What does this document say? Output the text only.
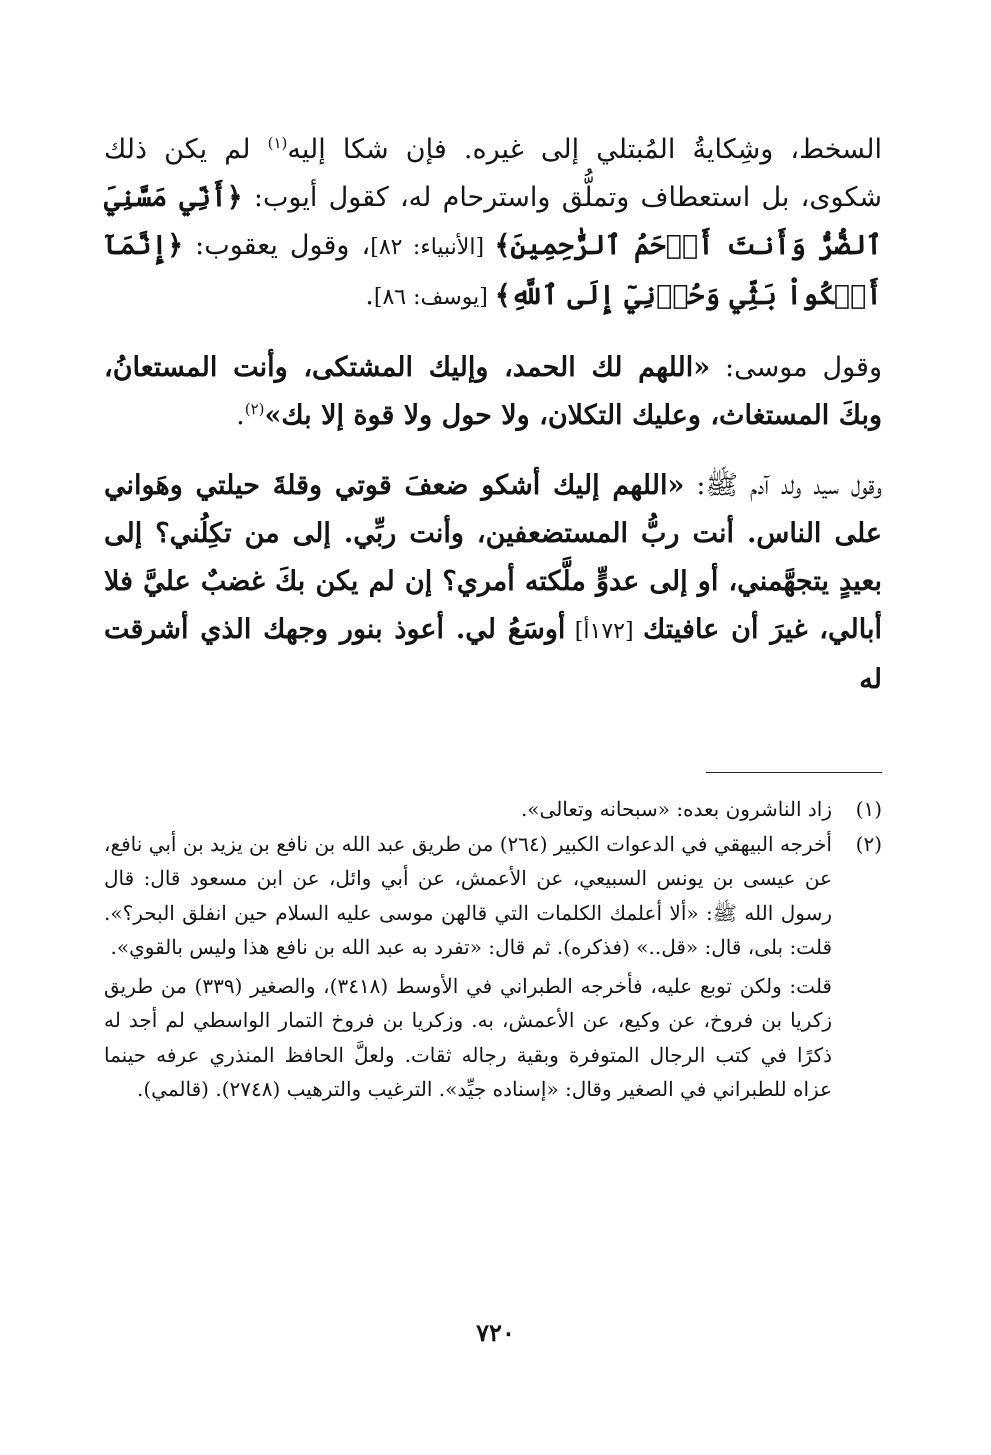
السخط، وشِكايةُ المُبتلي إلى غيره. فإن شكا إليه$^{(١)}$ لم يكن ذلك شكوى، بل استعطاف وتملُّق واسترحام له، كقول أيوب: ﴿أَنِّي مَسَّنِيَ ٱلضُّرُّ وَأَنتَ أَرۡحَمُ ٱلرَّٰحِمِينَ﴾ [الأنبياء: ٨٢]، وقول يعقوب: ﴿إِنَّمَآ أَشۡكُواْ بَثِّي وَحُزۡنِيٓ إِلَى ٱللَّهِ﴾ [يوسف: ٨٦].

وقول موسى: «اللهم لك الحمد، وإليك المشتكى، وأنت المستعانُ، وبكَ المستغاث، وعليك التكلان، ولا حول ولا قوة إلا بك»$^{(٢)}$.

وقول سيد ولد آدم ﷺ: «اللهم إليك أشكو ضعفَ قوتي وقلةَ حيلتي وهَواني على الناس. أنت ربُّ المستضعفين، وأنت ربِّي. إلى من تكِلُني؟ إلى بعيدٍ يتجهَّمني، أو إلى عدوٍّ ملَّكته أمري؟ إن لم يكن بكَ غضبٌ عليَّ فلا أبالي، غيرَ أن عافيتك [١٧٢أ] أوسَعُ لي. أعوذ بنور وجهك الذي أشرقت له

(١)
زاد الناشرون بعده: «سبحانه وتعالى».
(٢)
أخرجه البيهقي في الدعوات الكبير (٢٦٤) من طريق عبد الله بن نافع بن يزيد بن أبي نافع، عن عيسى بن يونس السبيعي، عن الأعمش، عن أبي وائل، عن ابن مسعود قال: قال رسول الله ﷺ: «ألا أعلمك الكلمات التي قالهن موسى عليه السلام حين انفلق البحر؟». قلت: بلى، قال: «قل..» (فذكره). ثم قال: «تفرد به عبد الله بن نافع هذا وليس بالقوي».
قلت: ولكن توبع عليه، فأخرجه الطبراني في الأوسط (٣٤١٨)، والصغير (٣٣٩) من طريق زكريا بن فروخ، عن وكيع، عن الأعمش، به. وزكريا بن فروخ التمار الواسطي لم أجد له ذكرًا في كتب الرجال المتوفرة وبقية رجاله ثقات. ولعلَّ الحافظ المنذري عرفه حينما عزاه للطبراني في الصغير وقال: «إسناده جيِّد». الترغيب والترهيب (٢٧٤٨). (قالمي).
٧٢٠
